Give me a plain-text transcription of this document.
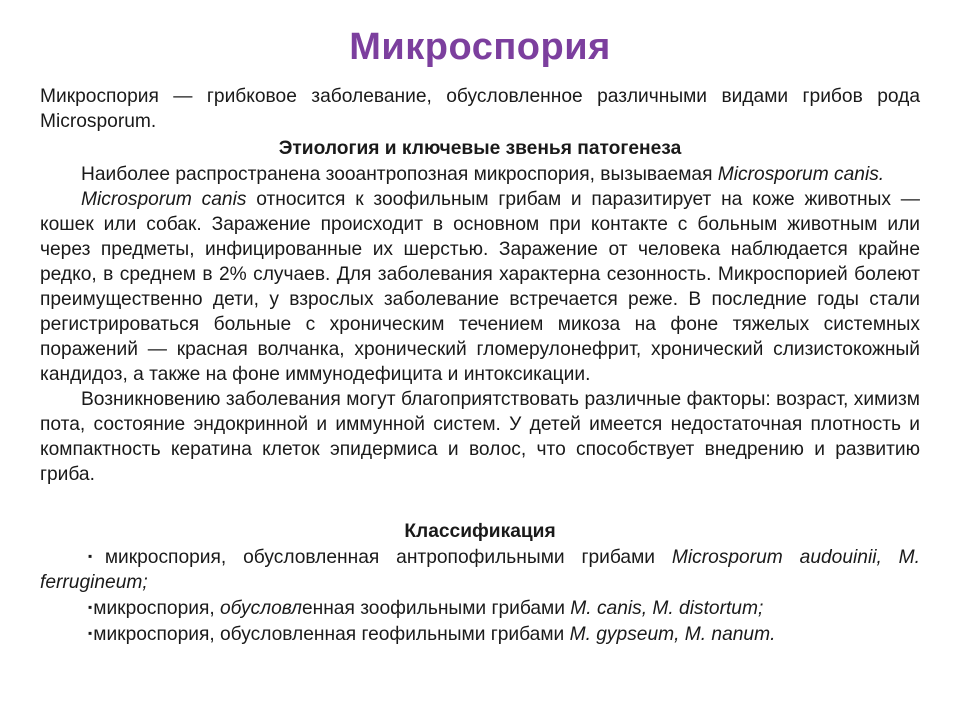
Микроспория

Микроспория — грибковое заболевание, обусловленное различными видами грибов рода Microsporum.

Этиология и ключевые звенья патогенеза

Наиболее распространена зооантропозная микроспория, вызываемая Microsporum canis.

Microsporum canis относится к зоофильным грибам и паразитирует на коже животных — кошек или собак. Заражение происходит в основном при контакте с больным животным или через предметы, инфицированные их шерстью. Заражение от человека наблюдается крайне редко, в среднем в 2% случаев. Для заболевания характерна сезонность. Микроспорией болеют преимущественно дети, у взрослых заболевание встречается реже. В последние годы стали регистрироваться больные с хроническим течением микоза на фоне тяжелых системных поражений — красная волчанка, хронический гломерулонефрит, хронический слизистокожный кандидоз, а также на фоне иммунодефицита и интоксикации.

Возникновению заболевания могут благоприятствовать различные факторы: возраст, химизм пота, состояние эндокринной и иммунной систем. У детей имеется недостаточная плотность и компактность кератина клеток эпидермиса и волос, что способствует внедрению и развитию гриба.

Классификация

▪микроспория, обусловленная антропофильными грибами Microsporum audouinii, M. ferrugineum;

▪микроспория, обусловленная зоофильными грибами M. canis, M. distortum;

▪микроспория, обусловленная геофильными грибами M. gypseum, M. nanum.
